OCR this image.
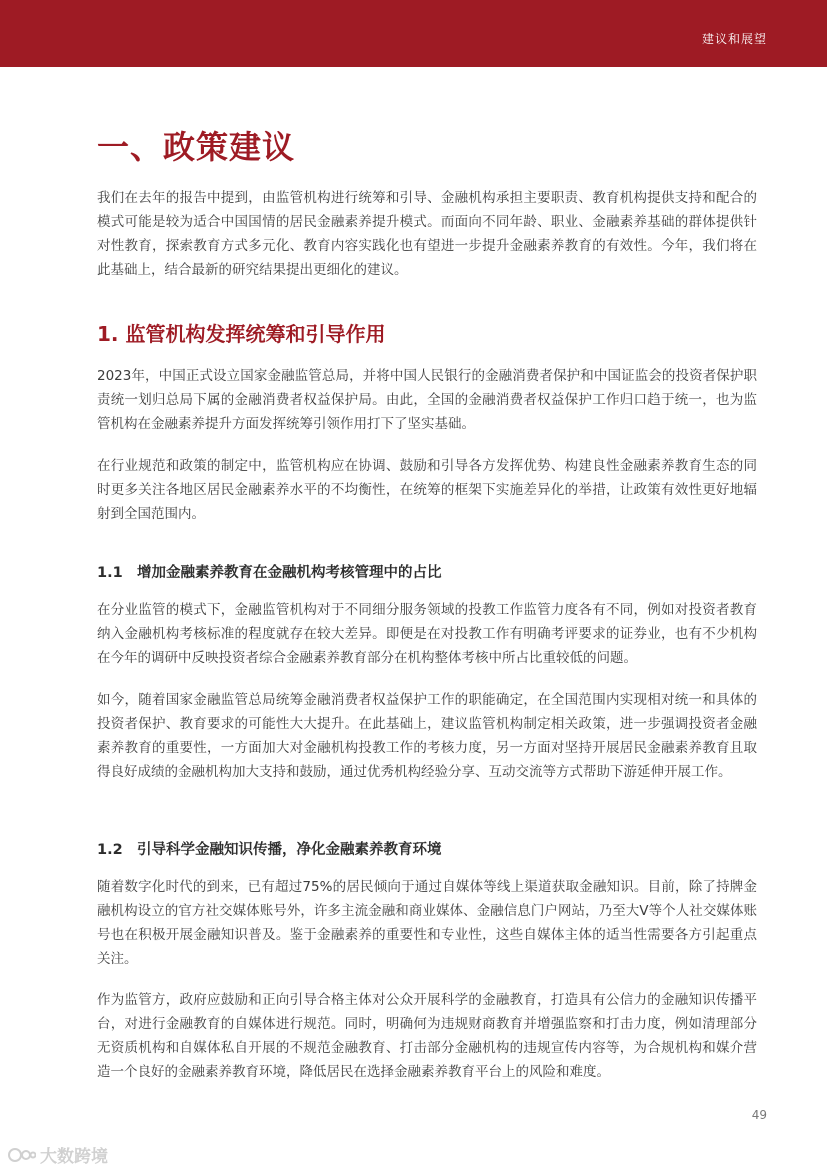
建议和展望
一、政策建议

我们在去年的报告中提到，由监管机构进行统筹和引导、金融机构承担主要职责、教育机构提供支持和配合的模式可能是较为适合中国国情的居民金融素养提升模式。而面向不同年龄、职业、金融素养基础的群体提供针对性教育，探索教育方式多元化、教育内容实践化也有望进一步提升金融素养教育的有效性。今年，我们将在此基础上，结合最新的研究结果提出更细化的建议。

1. 监管机构发挥统筹和引导作用

2023年，中国正式设立国家金融监管总局，并将中国人民银行的金融消费者保护和中国证监会的投资者保护职责统一划归总局下属的金融消费者权益保护局。由此，全国的金融消费者权益保护工作归口趋于统一，也为监管机构在金融素养提升方面发挥统筹引领作用打下了坚实基础。

在行业规范和政策的制定中，监管机构应在协调、鼓励和引导各方发挥优势、构建良性金融素养教育生态的同时更多关注各地区居民金融素养水平的不均衡性，在统筹的框架下实施差异化的举措，让政策有效性更好地辐射到全国范围内。

1.1 增加金融素养教育在金融机构考核管理中的占比

在分业监管的模式下，金融监管机构对于不同细分服务领域的投教工作监管力度各有不同，例如对投资者教育纳入金融机构考核标准的程度就存在较大差异。即便是在对投教工作有明确考评要求的证券业，也有不少机构在今年的调研中反映投资者综合金融素养教育部分在机构整体考核中所占比重较低的问题。

如今，随着国家金融监管总局统筹金融消费者权益保护工作的职能确定，在全国范围内实现相对统一和具体的投资者保护、教育要求的可能性大大提升。在此基础上，建议监管机构制定相关政策，进一步强调投资者金融素养教育的重要性，一方面加大对金融机构投教工作的考核力度，另一方面对坚持开展居民金融素养教育且取得良好成绩的金融机构加大支持和鼓励，通过优秀机构经验分享、互动交流等方式帮助下游延伸开展工作。

1.2 引导科学金融知识传播，净化金融素养教育环境

随着数字化时代的到来，已有超过75%的居民倾向于通过自媒体等线上渠道获取金融知识。目前，除了持牌金融机构设立的官方社交媒体账号外，许多主流金融和商业媒体、金融信息门户网站，乃至大V等个人社交媒体账号也在积极开展金融知识普及。鉴于金融素养的重要性和专业性，这些自媒体主体的适当性需要各方引起重点关注。

作为监管方，政府应鼓励和正向引导合格主体对公众开展科学的金融教育，打造具有公信力的金融知识传播平台，对进行金融教育的自媒体进行规范。同时，明确何为违规财商教育并增强监察和打击力度，例如清理部分无资质机构和自媒体私自开展的不规范金融教育、打击部分金融机构的违规宣传内容等，为合规机构和媒介营造一个良好的金融素养教育环境，降低居民在选择金融素养教育平台上的风险和难度。

49
大数跨境
